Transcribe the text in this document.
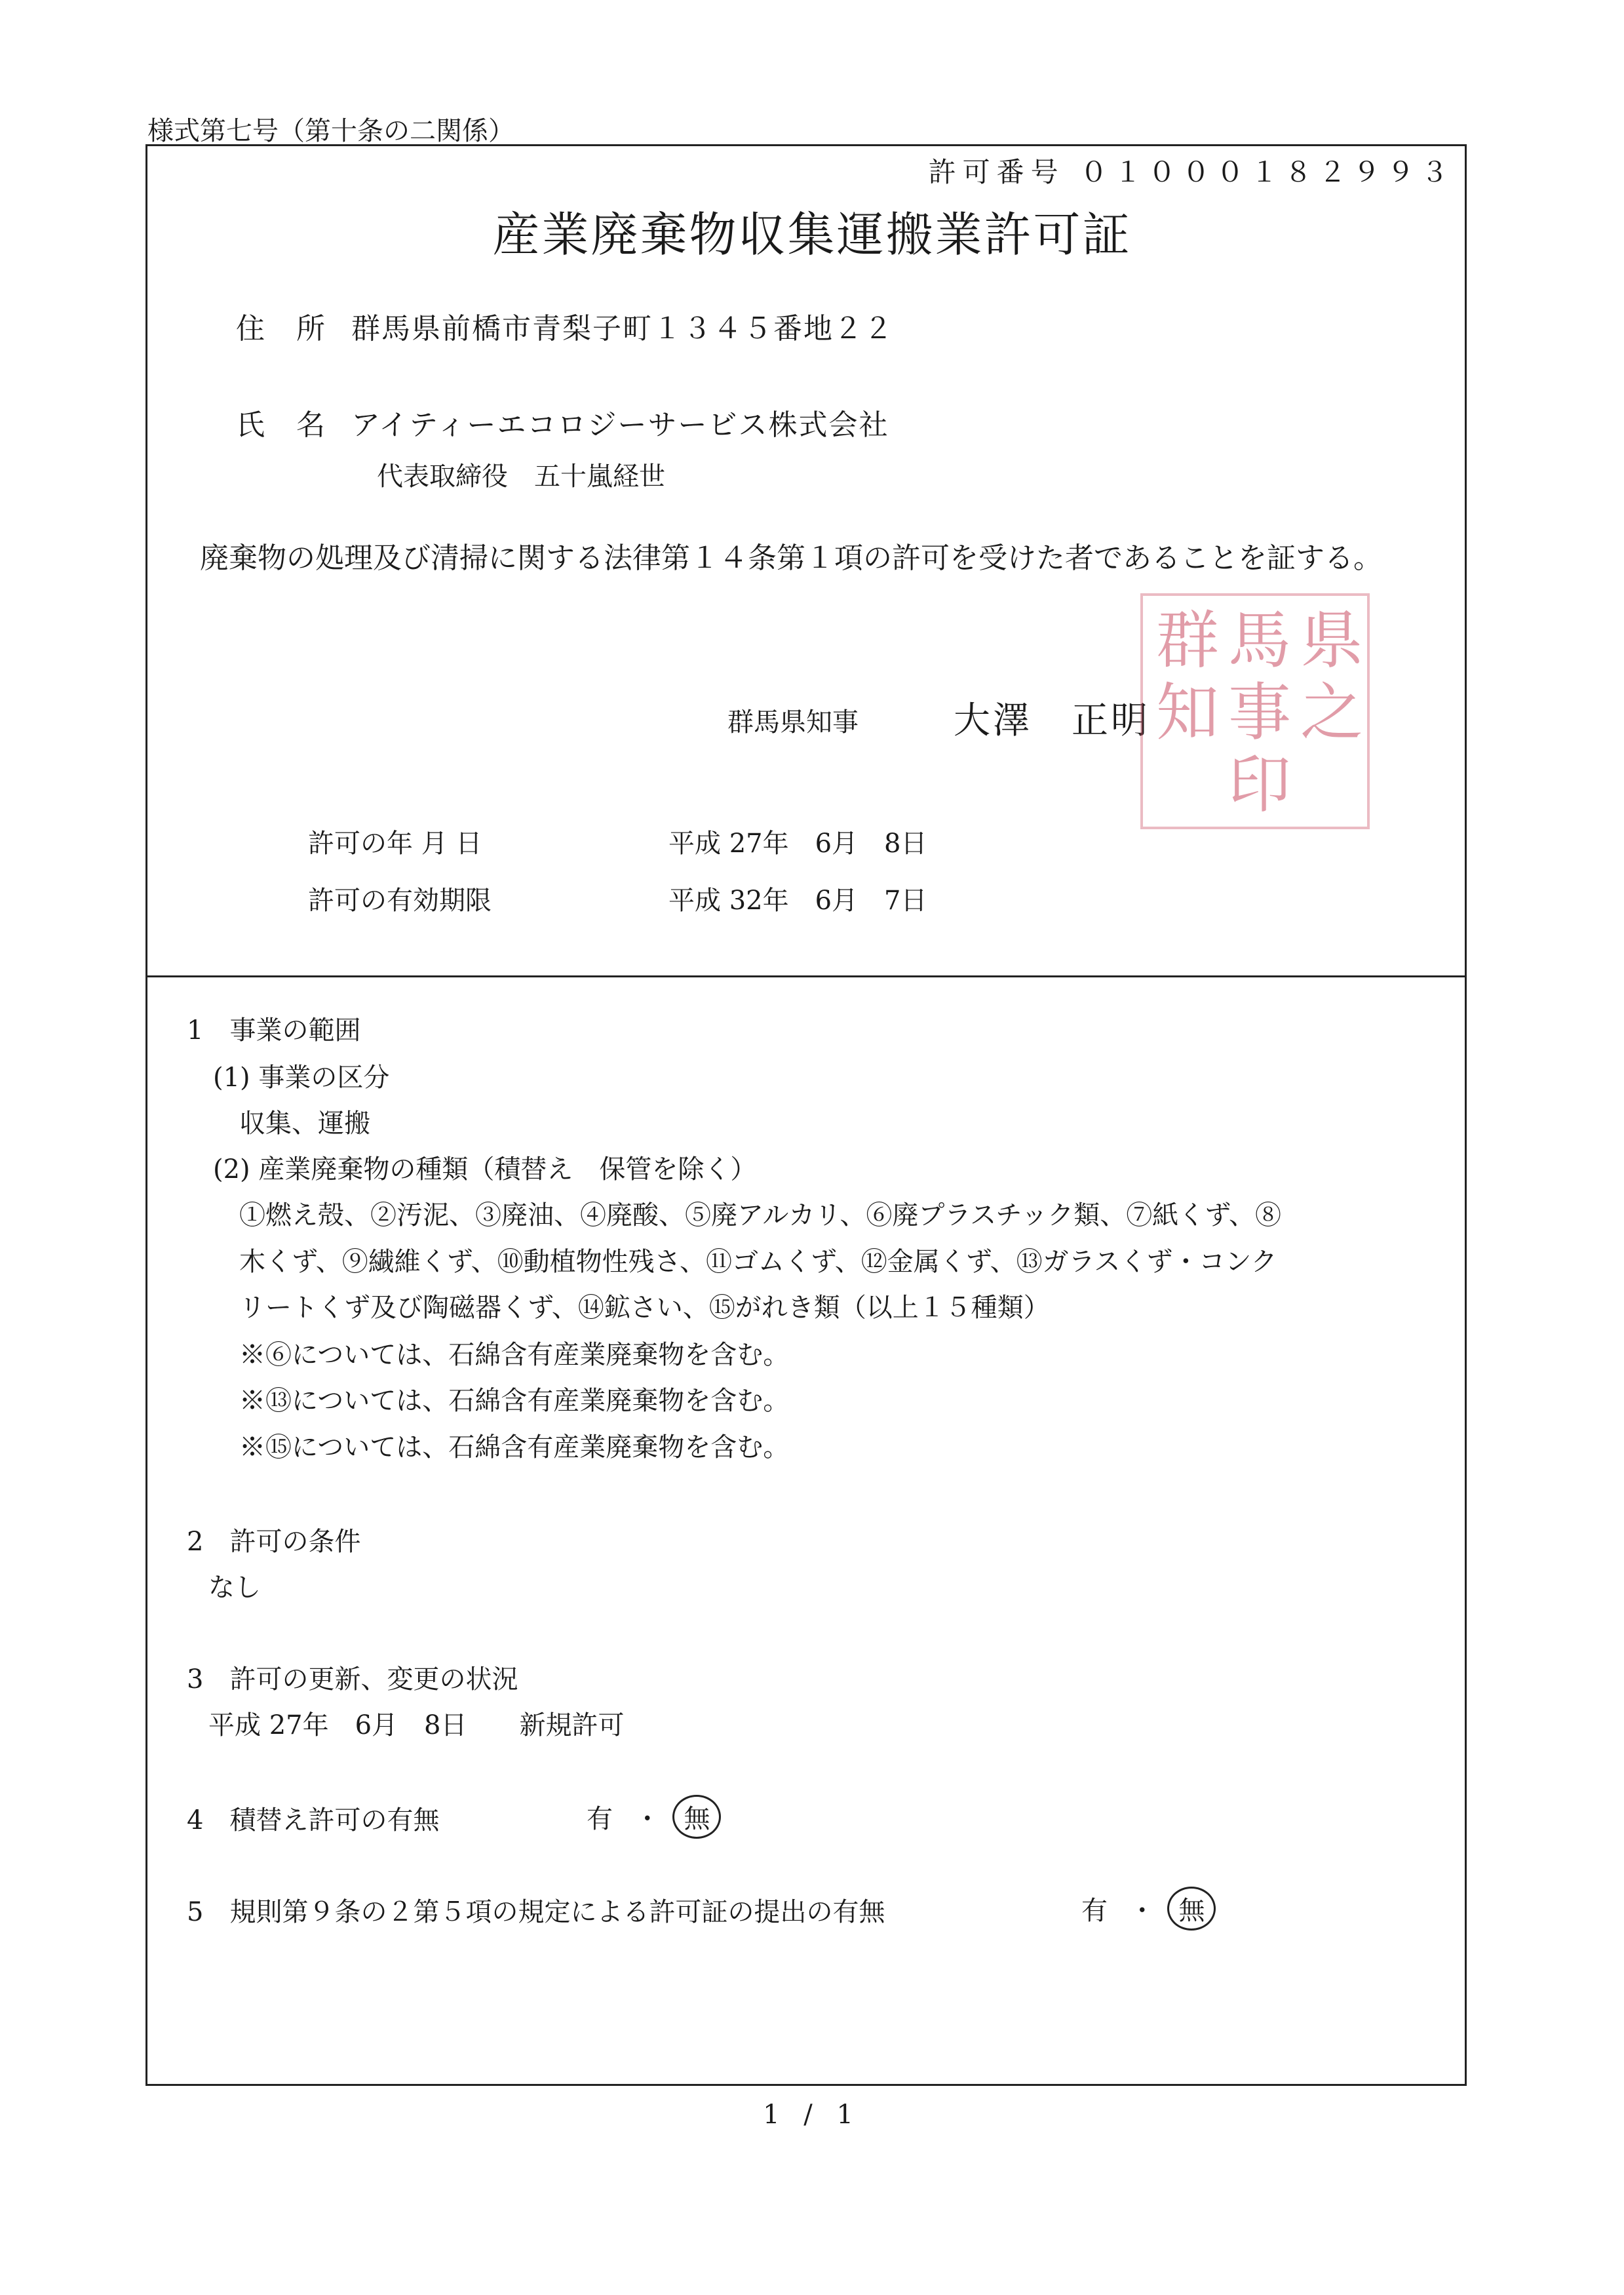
様式第七号（第十条の二関係）
許可番号 ０１０００１８２９９３
産業廃棄物収集運搬業許可証
住　所 群馬県前橋市青梨子町１３４５番地２２
氏　名 アイティーエコロジーサービス株式会社
代表取締役　五十嵐経世
廃棄物の処理及び清掃に関する法律第１４条第１項の許可を受けた者であることを証する。
群馬県知事	大澤　正明
群 馬 県
知 事 之
印
許可の年 月 日	平成 27年　6月　8日
許可の有効期限	平成 32年　6月　7日
1　事業の範囲
(1) 事業の区分
収集、運搬
(2) 産業廃棄物の種類（積替え　保管を除く）
①燃え殻、②汚泥、③廃油、④廃酸、⑤廃アルカリ、⑥廃プラスチック類、⑦紙くず、⑧
木くず、⑨繊維くず、⑩動植物性残さ、⑪ゴムくず、⑫金属くず、⑬ガラスくず・コンク
リートくず及び陶磁器くず、⑭鉱さい、⑮がれき類（以上１５種類）
※⑥については、石綿含有産業廃棄物を含む。
※⑬については、石綿含有産業廃棄物を含む。
※⑮については、石綿含有産業廃棄物を含む。
2　許可の条件
なし
3　許可の更新、変更の状況
平成 27年　6月　8日　　新規許可
4　積替え許可の有無	有 ・ 無
5　規則第９条の２第５項の規定による許可証の提出の有無	有 ・ 無
1 / 1
